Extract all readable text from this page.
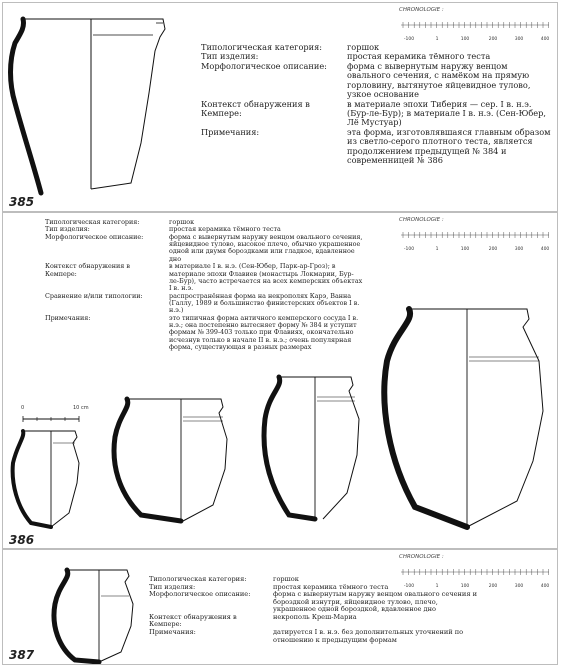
385
CHRONOLOGIE :
-100	1	100	200	300	400
Типологическая категория:	горшок
Тип изделия:	простая керамика тёмного теста
Морфологическое описание:	форма с вывернутым наружу венцом овального сечения, с намёком на прямую горловину, вытянутое яйцевидное тулово, узкое основание
Контекст обнаружения в Кемпере:
в материале эпохи Тиберия — сер. I в. н.э. (Бур-ле-Бур); в материале I в. н.э. (Сен-Юбер, Лё Мустуар)
Примечания:	эта форма, изготовлявшаяся главным образом из светло-серого плотного теста, является продолжением предыдущей № 384 и современницей № 386
CHRONOLOGIE :
-100	1	100	200	300	400
Типологическая категория:	горшок
Тип изделия:	простая керамика тёмного теста
Морфологическое описание:	форма с вывернутым наружу венцом овального сечения, яйцевидное тулово, высокое плечо, обычно украшенное одной или двумя бороздками или гладкое, вдавленное дно
Контекст обнаружения в Кемпере:
в материале I в. н.э. (Сен-Юбер, Парк-ар-Гроз); в материале эпохи Флавиев (монастырь Локмарии, Бур-ле-Бур), часто встречается на всех кемперских объектах I в. н.э.
Сравнение и/или типологии:	распространённая форма на некрополях Карэ, Ванна (Галлу, 1989 и большинство финистерских объектов I в. н.э.)
Примечания:	это типичная форма античного кемперского сосуда I в. н.э.; она постепенно вытесняет форму № 384 и уступит формам № 399-403 только при Флавиях, окончательно исчезнув только в начале II в. н.э.; очень популярная форма, существующая в разных размерах
0	10 cm
386
CHRONOLOGIE :
-100	1	100	200	300	400
Типологическая категория:	горшок
Тип изделия:	простая керамика тёмного теста
Морфологическое описание:	форма с вывернутым наружу венцом овального сечения и бороздкой изнутри, яйцевидное тулово, плечо, украшенное одной бороздкой, вдавленное дно
Контекст обнаружения в Кемпере:
некрополь Креш-Мариа
Примечания:	датируется I в. н.э. без дополнительных уточнений по отношению к предыдущим формам
387
